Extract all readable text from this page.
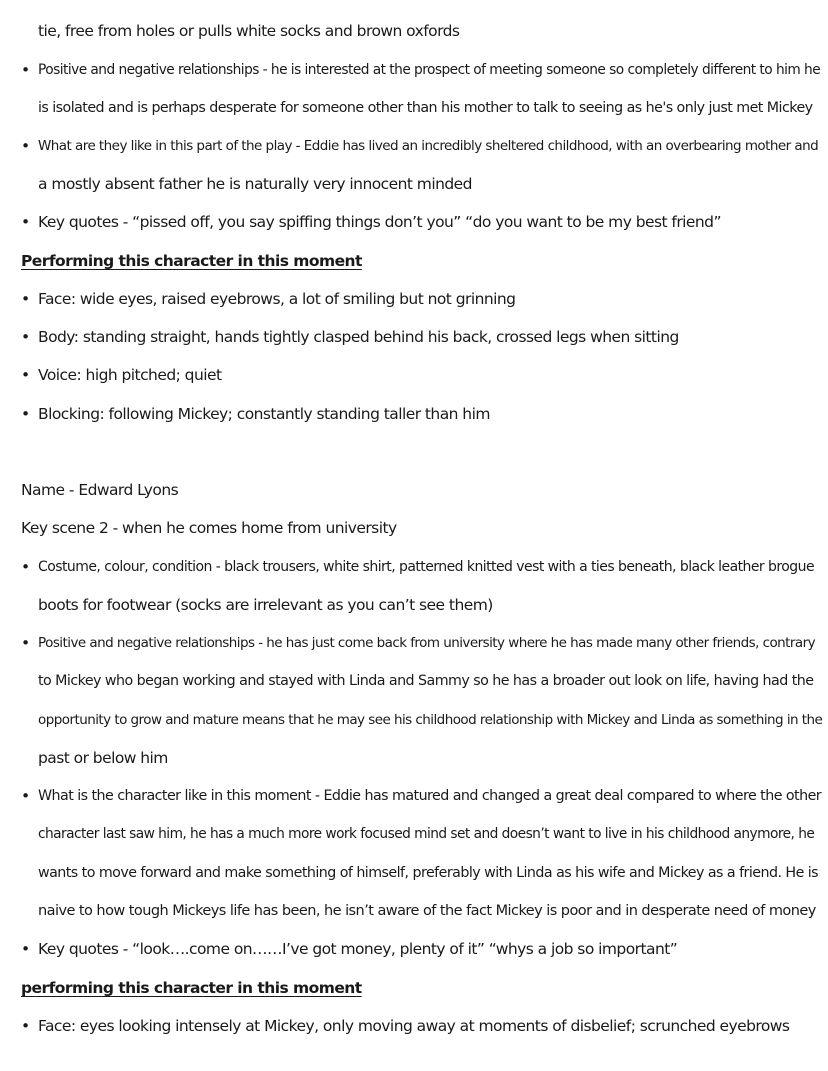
tie, free from holes or pulls white socks and brown oxfords
• Positive and negative relationships - he is interested at the prospect of meeting someone so completely different to him he
is isolated and is perhaps desperate for someone other than his mother to talk to seeing as he's only just met Mickey
• What are they like in this part of the play - Eddie has lived an incredibly sheltered childhood, with an overbearing mother and
a mostly absent father he is naturally very innocent minded
• Key quotes - “pissed off, you say spiffing things don’t you” “do you want to be my best friend”
Performing this character in this moment
• Face: wide eyes, raised eyebrows, a lot of smiling but not grinning
• Body: standing straight, hands tightly clasped behind his back, crossed legs when sitting
• Voice: high pitched; quiet
• Blocking: following Mickey; constantly standing taller than him
Name - Edward Lyons
Key scene 2 - when he comes home from university
• Costume, colour, condition - black trousers, white shirt, patterned knitted vest with a ties beneath, black leather brogue
boots for footwear (socks are irrelevant as you can’t see them)
• Positive and negative relationships - he has just come back from university where he has made many other friends, contrary
to Mickey who began working and stayed with Linda and Sammy so he has a broader out look on life, having had the
opportunity to grow and mature means that he may see his childhood relationship with Mickey and Linda as something in the
past or below him
• What is the character like in this moment - Eddie has matured and changed a great deal compared to where the other
character last saw him, he has a much more work focused mind set and doesn’t want to live in his childhood anymore, he
wants to move forward and make something of himself, preferably with Linda as his wife and Mickey as a friend. He is
naive to how tough Mickeys life has been, he isn’t aware of the fact Mickey is poor and in desperate need of money
• Key quotes - “look….come on……I’ve got money, plenty of it” “whys a job so important”
performing this character in this moment
• Face: eyes looking intensely at Mickey, only moving away at moments of disbelief; scrunched eyebrows
